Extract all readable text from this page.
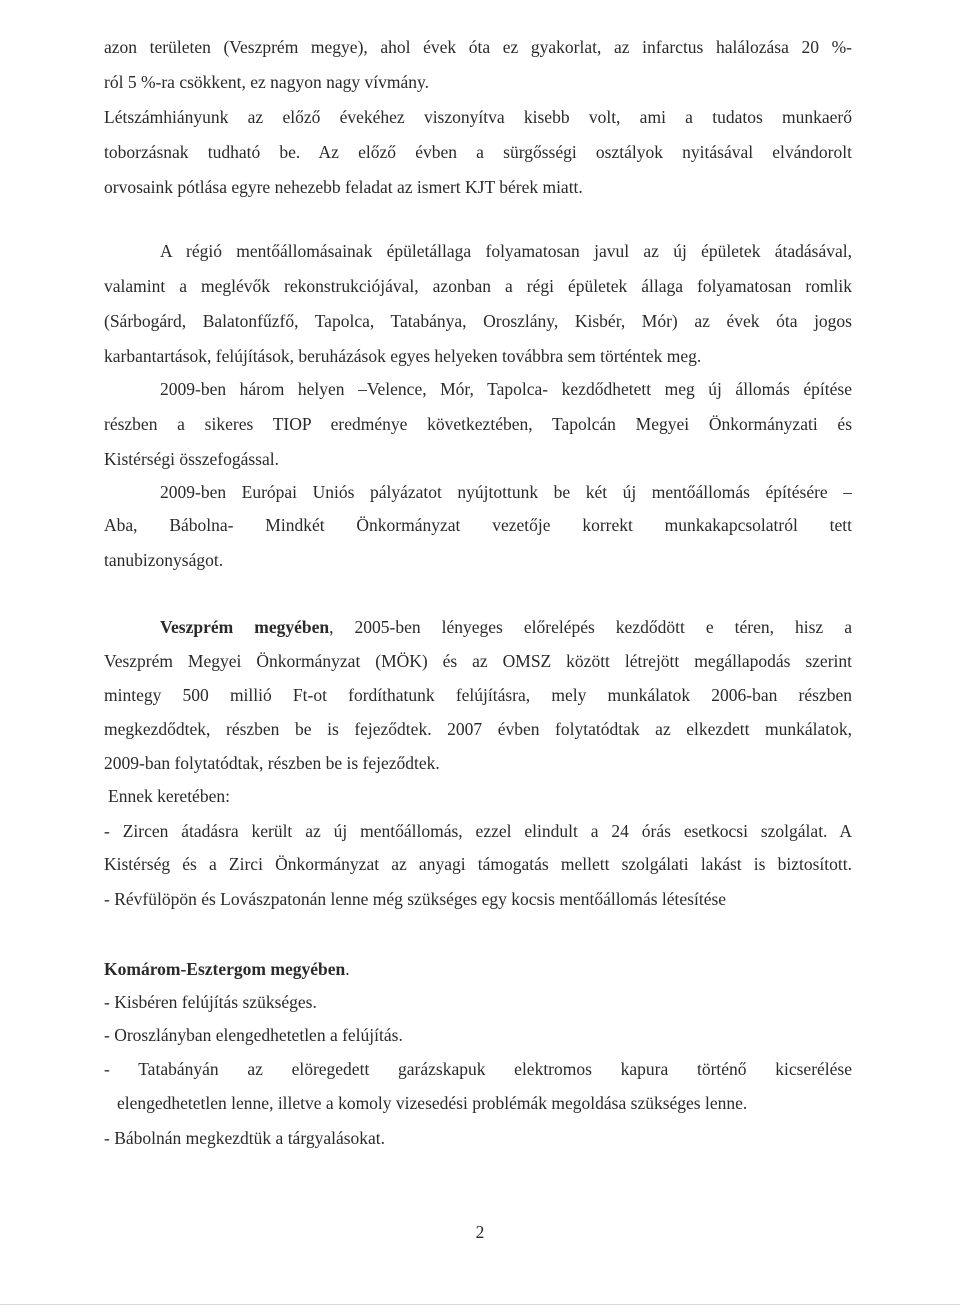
azon területen (Veszprém megye), ahol évek óta ez gyakorlat, az infarctus halálozása 20 %-
ról 5 %-ra csökkent, ez nagyon nagy vívmány.
Létszámhiányunk az előző évekéhez viszonyítva kisebb volt, ami a tudatos munkaerő
toborzásnak tudható be. Az előző évben a sürgősségi osztályok nyitásával elvándorolt
orvosaink pótlása egyre nehezebb feladat az ismert KJT bérek miatt.
A régió mentőállomásainak épületállaga folyamatosan javul az új épületek átadásával,
valamint a meglévők rekonstrukciójával, azonban a régi épületek állaga folyamatosan romlik
(Sárbogárd, Balatonfűzfő, Tapolca, Tatabánya, Oroszlány, Kisbér, Mór) az évek óta jogos
karbantartások, felújítások, beruházások egyes helyeken továbbra sem történtek meg.
2009-ben három helyen –Velence, Mór, Tapolca- kezdődhetett meg új állomás építése
részben a sikeres TIOP eredménye következtében, Tapolcán Megyei Önkormányzati és
Kistérségi összefogással.
2009-ben Európai Uniós pályázatot nyújtottunk be két új mentőállomás építésére –
Aba, Bábolna- Mindkét Önkormányzat vezetője korrekt munkakapcsolatról tett
tanubizonyságot.
Veszprém megyében, 2005-ben lényeges előrelépés kezdődött e téren, hisz a
Veszprém Megyei Önkormányzat (MÖK) és az OMSZ között létrejött megállapodás szerint
mintegy 500 millió Ft-ot fordíthatunk felújításra, mely munkálatok 2006-ban részben
megkezdődtek, részben be is fejeződtek. 2007 évben folytatódtak az elkezdett munkálatok,
2009-ban folytatódtak, részben be is fejeződtek.
Ennek keretében:
- Zircen átadásra került az új mentőállomás, ezzel elindult a 24 órás esetkocsi szolgálat. A
Kistérség és a Zirci Önkormányzat az anyagi támogatás mellett szolgálati lakást is biztosított.
- Révfülöpön és Lovászpatonán lenne még szükséges egy kocsis mentőállomás létesítése
Komárom-Esztergom megyében.
- Kisbéren felújítás szükséges.
- Oroszlányban elengedhetetlen a felújítás.
- Tatabányán az elöregedett garázskapuk elektromos kapura történő kicserélése
elengedhetetlen lenne, illetve a komoly vizesedési problémák megoldása szükséges lenne.
- Bábolnán megkezdtük a tárgyalásokat.
2
